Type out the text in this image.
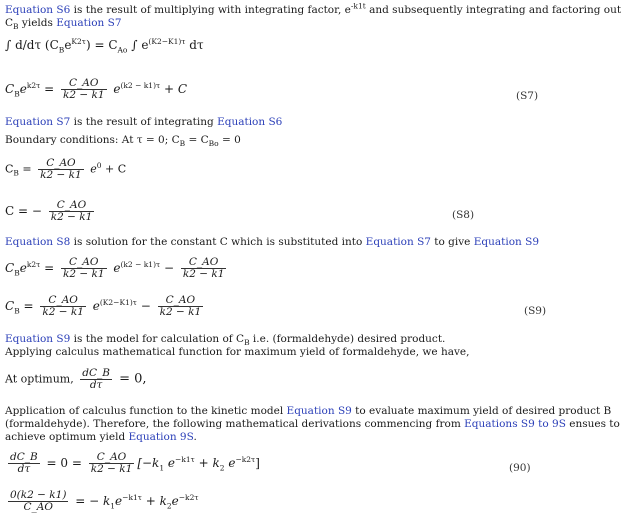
Equation S6 is the result of multiplying with integrating factor, $e^{-k1t}$ and subsequently integrating and factoring out
$C_B$ yields Equation S7
∫ d/dτ $(C_Be^{K2\tau}) = C_{Ao}$ ∫ $e^{(K2-K1)\tau}$ dτ
$C_Be^{k2\tau} = \frac{C\_AO}{k2 - k1} e^{(k2 - k1)\tau} + C$	(S7)
Equation S7 is the result of integrating Equation S6
Boundary conditions: At τ = 0; $C_B = C_{Bo} = 0$
$C_B = \frac{C\_AO}{k2 - k1} e^0 + C$
C = − $\frac{C\_AO}{k2 - k1}$	(S8)
Equation S8 is solution for the constant C which is substituted into Equation S7 to give Equation S9
$C_Be^{k2\tau} = \frac{C\_AO}{k2 - k1} e^{(k2 - k1)\tau} - \frac{C\_AO}{k2 - k1}$
$C_B = \frac{C\_AO}{k2 - k1} e^{(K2-K1)\tau} - \frac{C\_AO}{k2 - k1}$	(S9)
Equation S9 is the model for calculation of $C_B$ i.e. (formaldehyde) desired product.
Applying calculus mathematical function for maximum yield of formaldehyde, we have,
At optimum, $\frac{dC\_B}{d\tau} = 0$,
Application of calculus function to the kinetic model Equation S9 to evaluate maximum yield of desired product B (formaldehyde). Therefore, the following mathematical derivations commencing from Equations S9 to 9S ensues to achieve optimum yield Equation 9S.
$\frac{dC\_B}{d\tau} = 0 = \frac{C\_AO}{k2 - k1} [-k_1$ $e^{-k1\tau} + k_2$ $e^{-k2\tau}$]	(90)
$\frac{0(k2 - k1)}{C\_AO}$ = − $k_1e^{-k1\tau} + k_2e^{-k2\tau}$
